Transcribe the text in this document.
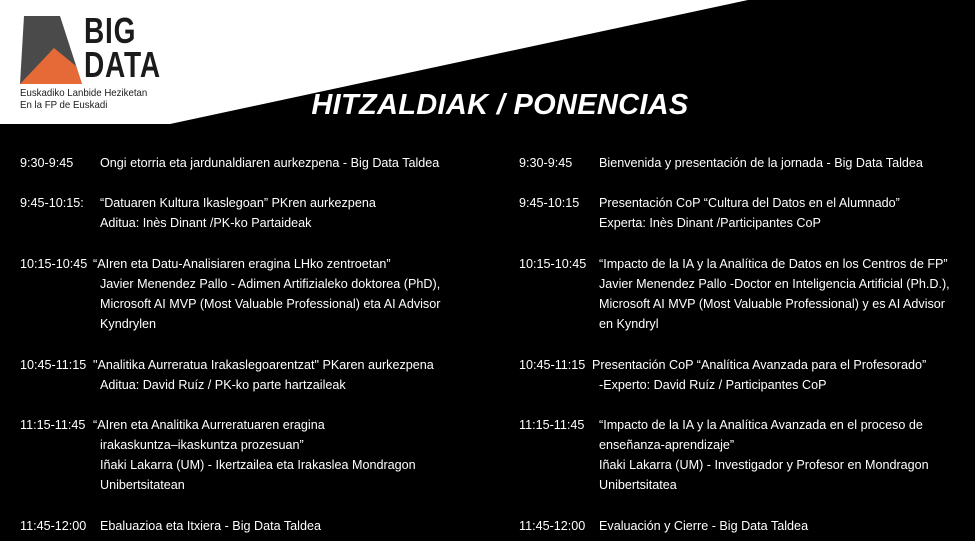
BIG
DATA
Euskadiko Lanbide Heziketan
En la FP de Euskadi	HITZALDIAK / PONENCIAS
9:30-9:45 Ongi etorria eta jardunaldiaren aurkezpena - Big Data Taldea
9:45-10:15: “Datuaren Kultura Ikaslegoan” PKren aurkezpena
Aditua: Inès Dinant /PK-ko Partaideak
10:15-10:45 “AIren eta Datu-Analisiaren eragina LHko zentroetan”
Javier Menendez Pallo - Adimen Artifizialeko doktorea (PhD),
Microsoft AI MVP (Most Valuable Professional) eta AI Advisor
Kyndrylen
10:45-11:15 "Analitika Aurreratua Irakaslegoarentzat" PKaren aurkezpena
Aditua: David Ruíz / PK-ko parte hartzaileak
11:15-11:45 “AIren eta Analitika Aurreratuaren eragina
irakaskuntza–ikaskuntza prozesuan”
Iñaki Lakarra (UM) - Ikertzailea eta Irakaslea Mondragon
Unibertsitatean
11:45-12:00 Ebaluazioa eta Itxiera - Big Data Taldea
9:30-9:45 Bienvenida y presentación de la jornada - Big Data Taldea
9:45-10:15 Presentación CoP “Cultura del Datos en el Alumnado”
Experta: Inès Dinant /Participantes CoP
10:15-10:45 “Impacto de la IA y la Analítica de Datos en los Centros de FP”
Javier Menendez Pallo -Doctor en Inteligencia Artificial (Ph.D.),
Microsoft AI MVP (Most Valuable Professional) y es AI Advisor
en Kyndryl
10:45-11:15 Presentación CoP “Analítica Avanzada para el Profesorado”
-Experto: David Ruíz / Participantes CoP
11:15-11:45 “Impacto de la IA y la Analítica Avanzada en el proceso de
enseñanza-aprendizaje”
Iñaki Lakarra (UM) - Investigador y Profesor en Mondragon
Unibertsitatea
11:45-12:00 Evaluación y Cierre - Big Data Taldea
